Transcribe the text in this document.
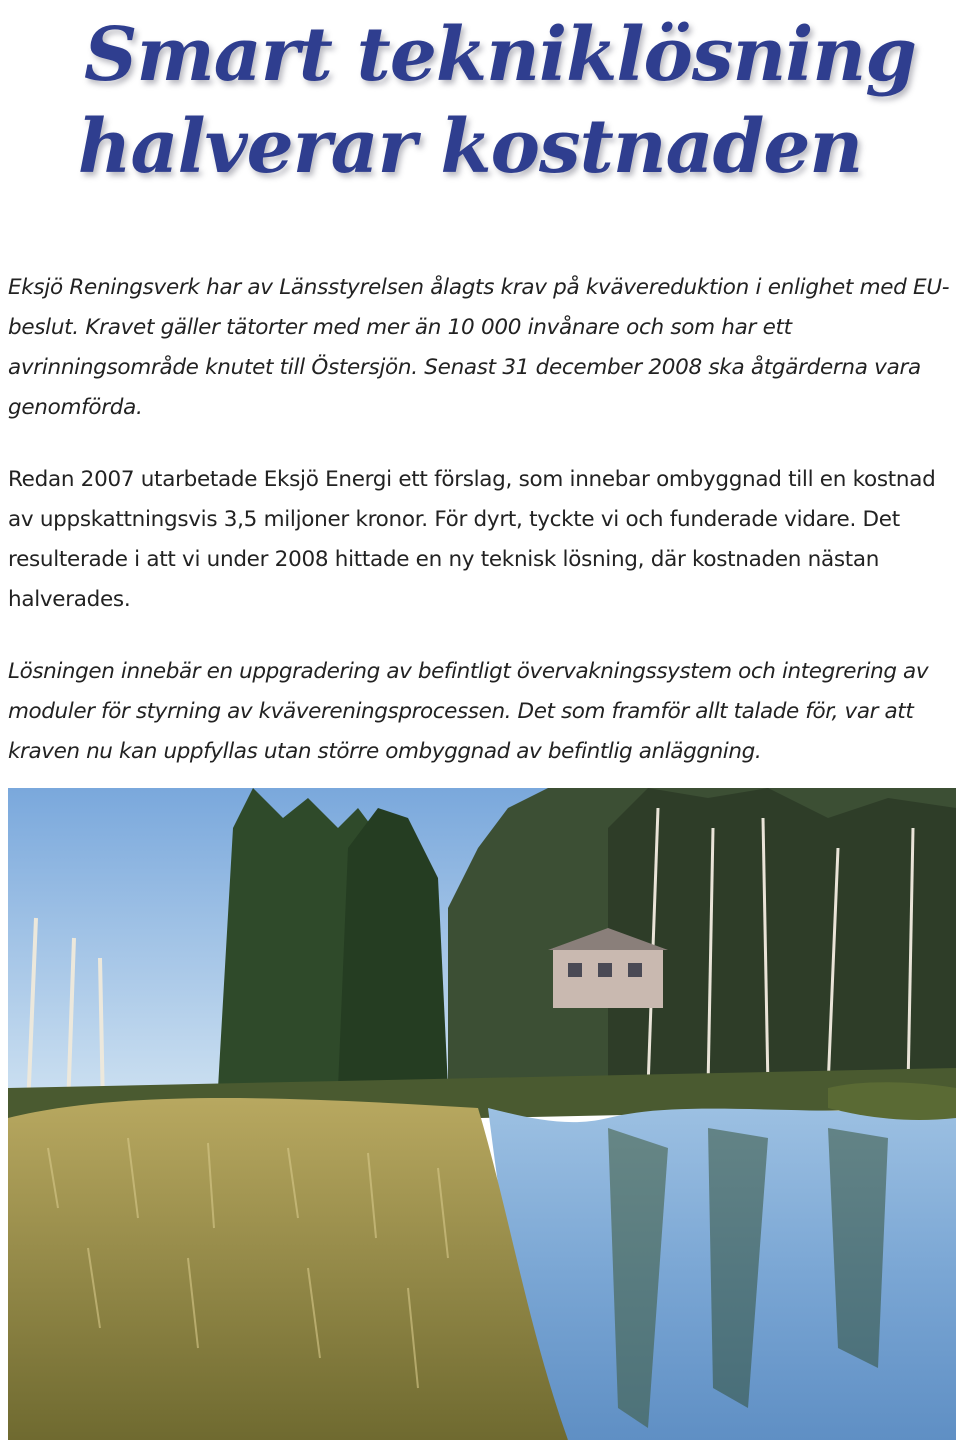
Smart tekniklösning
halverar kostnaden

Eksjö Reningsverk har av Länsstyrelsen ålagts krav på kvävereduktion i enlighet med EU-beslut. Kravet gäller tätorter med mer än 10 000 invånare och som har ett avrinningsområde knutet till Östersjön. Senast 31 december 2008 ska åtgärderna vara genomförda.

Redan 2007 utarbetade Eksjö Energi ett förslag, som innebar ombyggnad till en kostnad av uppskattningsvis 3,5 miljoner kronor. För dyrt, tyckte vi och funderade vidare. Det resulterade i att vi under 2008 hittade en ny teknisk lösning, där kostnaden nästan halverades.

Lösningen innebär en uppgradering av befintligt övervakningssystem och integrering av moduler för styrning av kvävereningsprocessen. Det som framför allt talade för, var att kraven nu kan uppfyllas utan större ombyggnad av befintlig anläggning.
